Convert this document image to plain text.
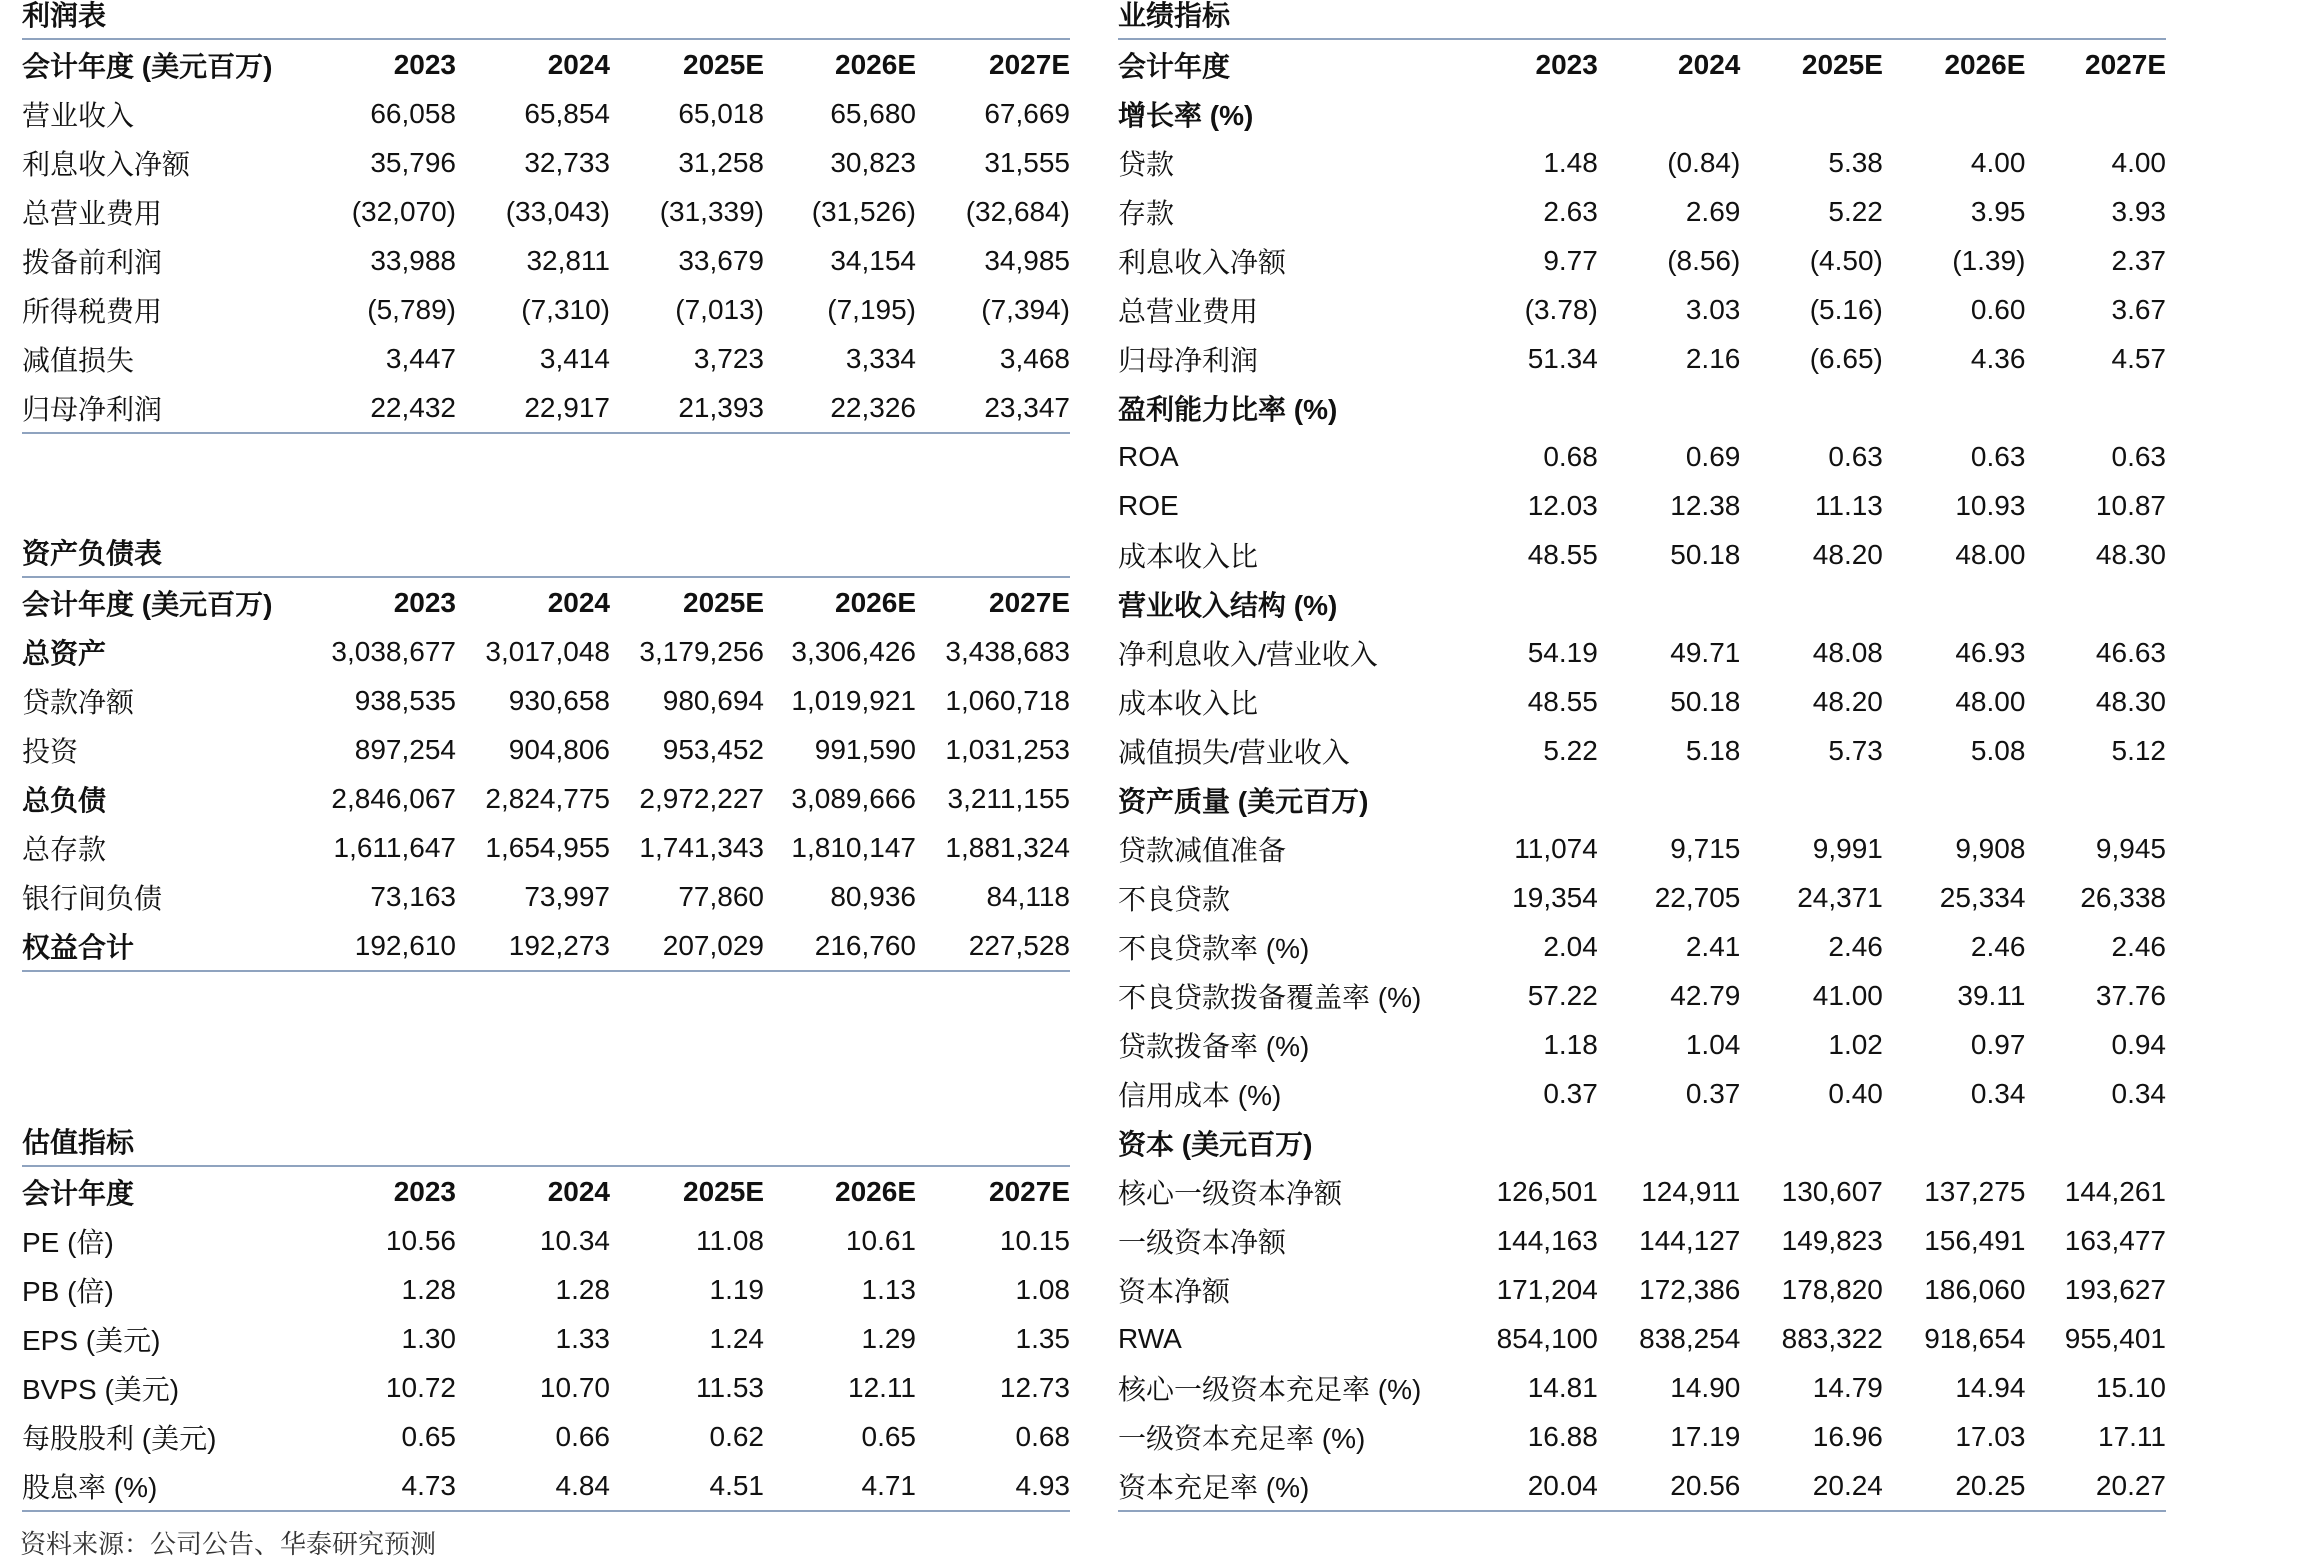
利润表
会计年度 (美元百万)	2023	2024	2025E	2026E	2027E
营业收入	66,058	65,854	65,018	65,680	67,669
利息收入净额	35,796	32,733	31,258	30,823	31,555
总营业费用	(32,070)	(33,043)	(31,339)	(31,526)	(32,684)
拨备前利润	33,988	32,811	33,679	34,154	34,985
所得税费用	(5,789)	(7,310)	(7,013)	(7,195)	(7,394)
减值损失	3,447	3,414	3,723	3,334	3,468
归母净利润	22,432	22,917	21,393	22,326	23,347
资产负债表
会计年度 (美元百万)	2023	2024	2025E	2026E	2027E
总资产	3,038,677	3,017,048	3,179,256	3,306,426	3,438,683
贷款净额	938,535	930,658	980,694	1,019,921	1,060,718
投资	897,254	904,806	953,452	991,590	1,031,253
总负债	2,846,067	2,824,775	2,972,227	3,089,666	3,211,155
总存款	1,611,647	1,654,955	1,741,343	1,810,147	1,881,324
银行间负债	73,163	73,997	77,860	80,936	84,118
权益合计	192,610	192,273	207,029	216,760	227,528
估值指标
会计年度	2023	2024	2025E	2026E	2027E
PE (倍)	10.56	10.34	11.08	10.61	10.15
PB (倍)	1.28	1.28	1.19	1.13	1.08
EPS (美元)	1.30	1.33	1.24	1.29	1.35
BVPS (美元)	10.72	10.70	11.53	12.11	12.73
每股股利 (美元)	0.65	0.66	0.62	0.65	0.68
股息率 (%)	4.73	4.84	4.51	4.71	4.93
业绩指标
会计年度	2023	2024	2025E	2026E	2027E
增长率 (%)					
贷款	1.48	(0.84)	5.38	4.00	4.00
存款	2.63	2.69	5.22	3.95	3.93
利息收入净额	9.77	(8.56)	(4.50)	(1.39)	2.37
总营业费用	(3.78)	3.03	(5.16)	0.60	3.67
归母净利润	51.34	2.16	(6.65)	4.36	4.57
盈利能力比率 (%)					
ROA	0.68	0.69	0.63	0.63	0.63
ROE	12.03	12.38	11.13	10.93	10.87
成本收入比	48.55	50.18	48.20	48.00	48.30
营业收入结构 (%)					
净利息收入/营业收入	54.19	49.71	48.08	46.93	46.63
成本收入比	48.55	50.18	48.20	48.00	48.30
减值损失/营业收入	5.22	5.18	5.73	5.08	5.12
资产质量 (美元百万)					
贷款减值准备	11,074	9,715	9,991	9,908	9,945
不良贷款	19,354	22,705	24,371	25,334	26,338
不良贷款率 (%)	2.04	2.41	2.46	2.46	2.46
不良贷款拨备覆盖率 (%)	57.22	42.79	41.00	39.11	37.76
贷款拨备率 (%)	1.18	1.04	1.02	0.97	0.94
信用成本 (%)	0.37	0.37	0.40	0.34	0.34
资本 (美元百万)					
核心一级资本净额	126,501	124,911	130,607	137,275	144,261
一级资本净额	144,163	144,127	149,823	156,491	163,477
资本净额	171,204	172,386	178,820	186,060	193,627
RWA	854,100	838,254	883,322	918,654	955,401
核心一级资本充足率 (%)	14.81	14.90	14.79	14.94	15.10
一级资本充足率 (%)	16.88	17.19	16.96	17.03	17.11
资本充足率 (%)	20.04	20.56	20.24	20.25	20.27
资料来源：公司公告、华泰研究预测
